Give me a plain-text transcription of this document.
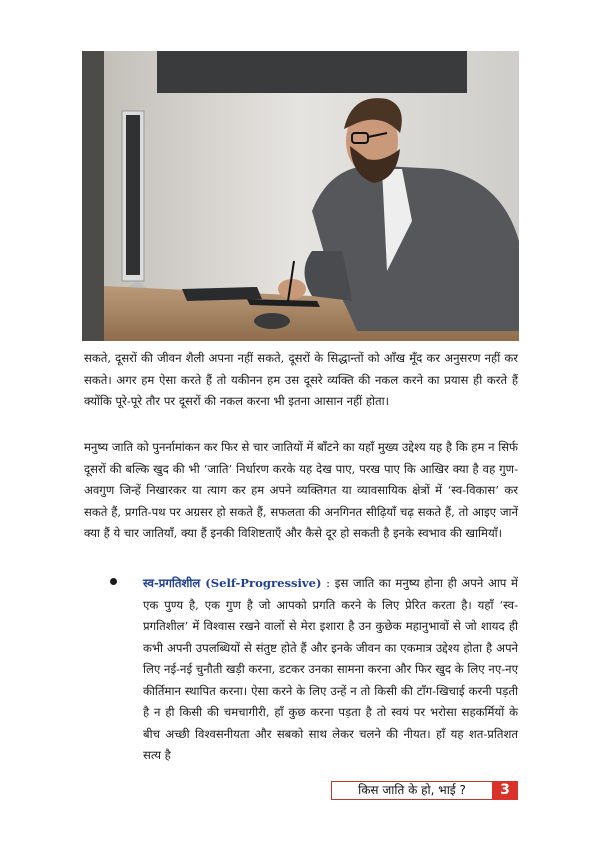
सकते, दूसरों की जीवन शैली अपना नहीं सकते, दूसरों के सिद्धान्तों को आँख मूँद कर अनुसरण नहीं कर सकते। अगर हम ऐसा करते हैं तो यकीनन हम उस दूसरे व्यक्ति की नकल करने का प्रयास ही करते हैं क्योंकि पूरे-पूरे तौर पर दूसरों की नकल करना भी इतना आसान नहीं होता।
मनुष्य जाति को पुनर्नामांकन कर फिर से चार जातियों में बाँटने का यहाँ मुख्य उद्देश्य यह है कि हम न सिर्फ दूसरों की बल्कि खुद की भी ‘जाति’ निर्धारण करके यह देख पाए, परख पाए कि आखिर क्या है वह गुण-अवगुण जिन्हें निखारकर या त्याग कर हम अपने व्यक्तिगत या व्यावसायिक क्षेत्रों में ‘स्व-विकास’ कर सकते हैं, प्रगति-पथ पर अग्रसर हो सकते हैं, सफलता की अनगिनत सीढ़ियाँ चढ़ सकते हैं, तो आइए जानें क्या हैं ये चार जातियाँ, क्या हैं इनकी विशिष्टताएँ और कैसे दूर हो सकती है इनके स्वभाव की खामियाँ।
स्व-प्रगतिशील (Self-Progressive) : इस जाति का मनुष्य होना ही अपने आप में एक पुण्य है, एक गुण है जो आपको प्रगति करने के लिए प्रेरित करता है। यहाँ ‘स्व-प्रगतिशील’ में विश्वास रखने वालों से मेरा इशारा है उन कुछेक महानुभावों से जो शायद ही कभी अपनी उपलब्धियों से संतुष्ट होते हैं और इनके जीवन का एकमात्र उद्देश्य होता है अपने लिए नई-नई चुनौती खड़ी करना, डटकर उनका सामना करना और फिर खुद के लिए नए-नए कीर्तिमान स्थापित करना। ऐसा करने के लिए उन्हें न तो किसी की टाँग-खिचाई करनी पड़ती है न ही किसी की चमचागीरी, हाँ कुछ करना पड़ता है तो स्वयं पर भरोसा सहकर्मियों के बीच अच्छी विश्वसनीयता और सबको साथ लेकर चलने की नीयत। हाँ यह शत-प्रतिशत सत्य है
किस जाति के हो, भाई ?	3
